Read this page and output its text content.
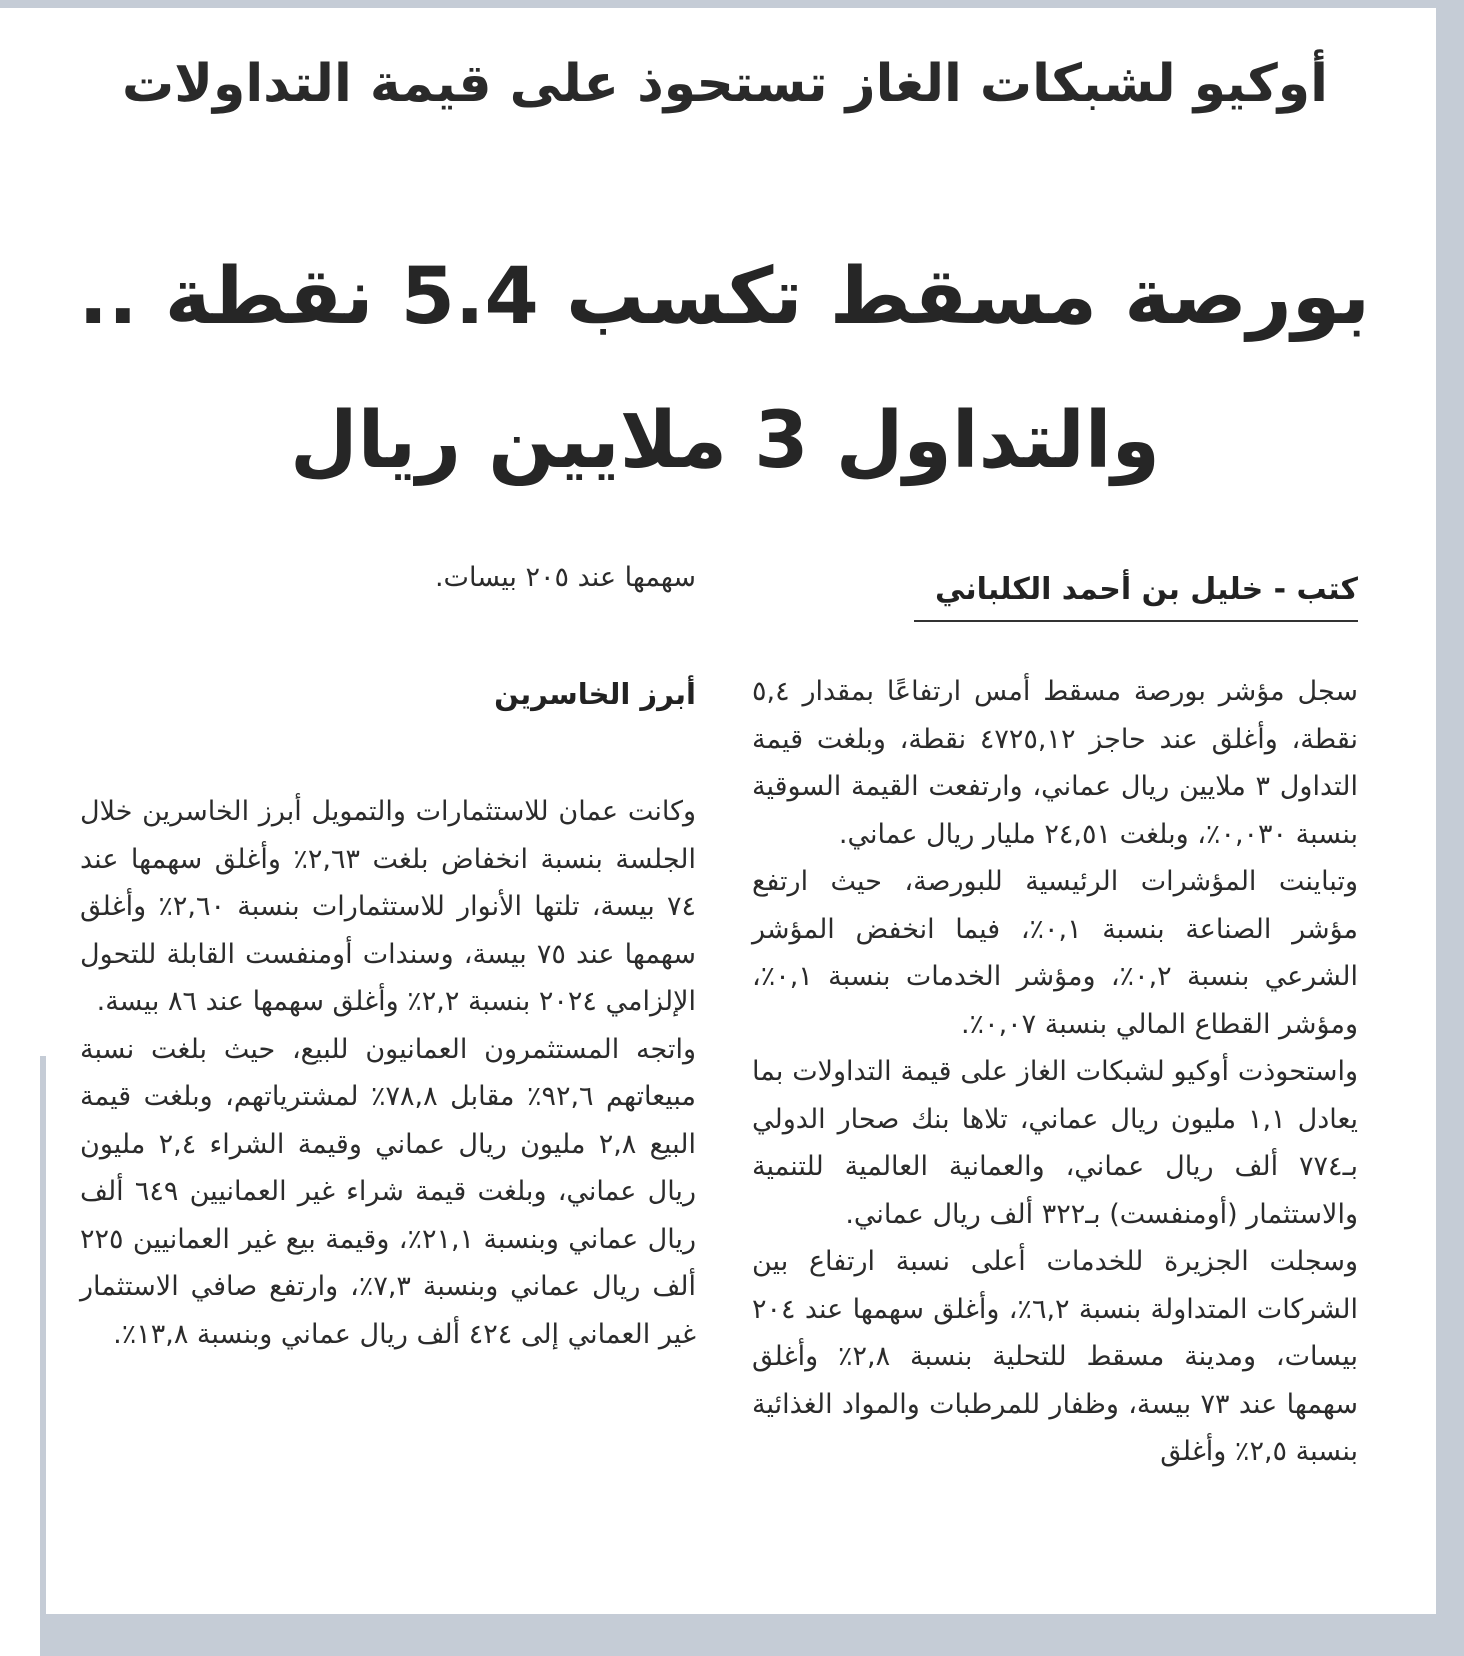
أوكيو لشبكات الغاز تستحوذ على قيمة التداولات
بورصة مسقط تكسب 5.4 نقطة ..
والتداول 3 ملايين ريال
كتب - خليل بن أحمد الكلباني

سجل مؤشر بورصة مسقط أمس ارتفاعًا بمقدار ٥,٤ نقطة، وأغلق عند حاجز ٤٧٢٥,١٢ نقطة، وبلغت قيمة التداول ٣ ملايين ريال عماني، وارتفعت القيمة السوقية بنسبة ٠,٠٣٠٪، وبلغت ٢٤,٥١ مليار ريال عماني.

وتباينت المؤشرات الرئيسية للبورصة، حيث ارتفع مؤشر الصناعة بنسبة ٠,١٪، فيما انخفض المؤشر الشرعي بنسبة ٠,٢٪، ومؤشر الخدمات بنسبة ٠,١٪، ومؤشر القطاع المالي بنسبة ٠,٠٧٪.

واستحوذت أوكيو لشبكات الغاز على قيمة التداولات بما يعادل ١,١ مليون ريال عماني، تلاها بنك صحار الدولي بـ٧٧٤ ألف ريال عماني، والعمانية العالمية للتنمية والاستثمار (أومنفست) بـ٣٢٢ ألف ريال عماني.

وسجلت الجزيرة للخدمات أعلى نسبة ارتفاع بين الشركات المتداولة بنسبة ٦,٢٪، وأغلق سهمها عند ٢٠٤ بيسات، ومدينة مسقط للتحلية بنسبة ٢,٨٪ وأغلق سهمها عند ٧٣ بيسة، وظفار للمرطبات والمواد الغذائية بنسبة ٢,٥٪ وأغلق

سهمها عند ٢٠٥ بيسات.
أبرز الخاسرين

وكانت عمان للاستثمارات والتمويل أبرز الخاسرين خلال الجلسة بنسبة انخفاض بلغت ٢,٦٣٪ وأغلق سهمها عند ٧٤ بيسة، تلتها الأنوار للاستثمارات بنسبة ٢,٦٠٪ وأغلق سهمها عند ٧٥ بيسة، وسندات أومنفست القابلة للتحول الإلزامي ٢٠٢٤ بنسبة ٢,٢٪ وأغلق سهمها عند ٨٦ بيسة.

واتجه المستثمرون العمانيون للبيع، حيث بلغت نسبة مبيعاتهم ٩٢,٦٪ مقابل ٧٨,٨٪ لمشترياتهم، وبلغت قيمة البيع ٢,٨ مليون ريال عماني وقيمة الشراء ٢,٤ مليون ريال عماني، وبلغت قيمة شراء غير العمانيين ٦٤٩ ألف ريال عماني وبنسبة ٢١,١٪، وقيمة بيع غير العمانيين ٢٢٥ ألف ريال عماني وبنسبة ٧,٣٪، وارتفع صافي الاستثمار غير العماني إلى ٤٢٤ ألف ريال عماني وبنسبة ١٣,٨٪.
